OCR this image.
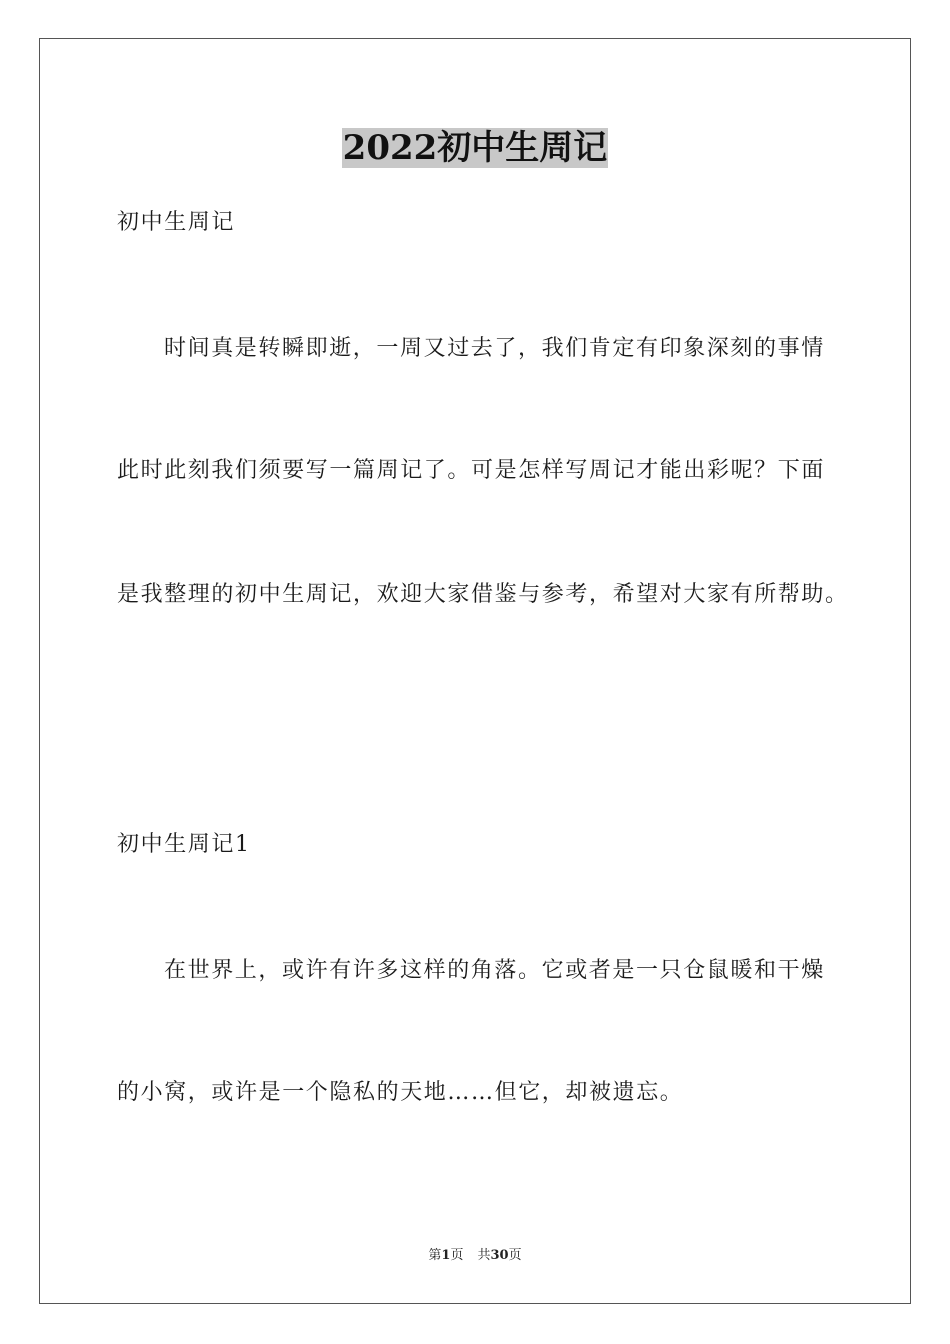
2022初中生周记

初中生周记

时间真是转瞬即逝，一周又过去了，我们肯定有印象深刻的事情

此时此刻我们须要写一篇周记了。可是怎样写周记才能出彩呢？下面

是我整理的初中生周记，欢迎大家借鉴与参考，希望对大家有所帮助。

初中生周记1

在世界上，或许有许多这样的角落。它或者是一只仓鼠暖和干燥

的小窝，或许是一个隐私的天地……但它，却被遗忘。

第1页 共30页
